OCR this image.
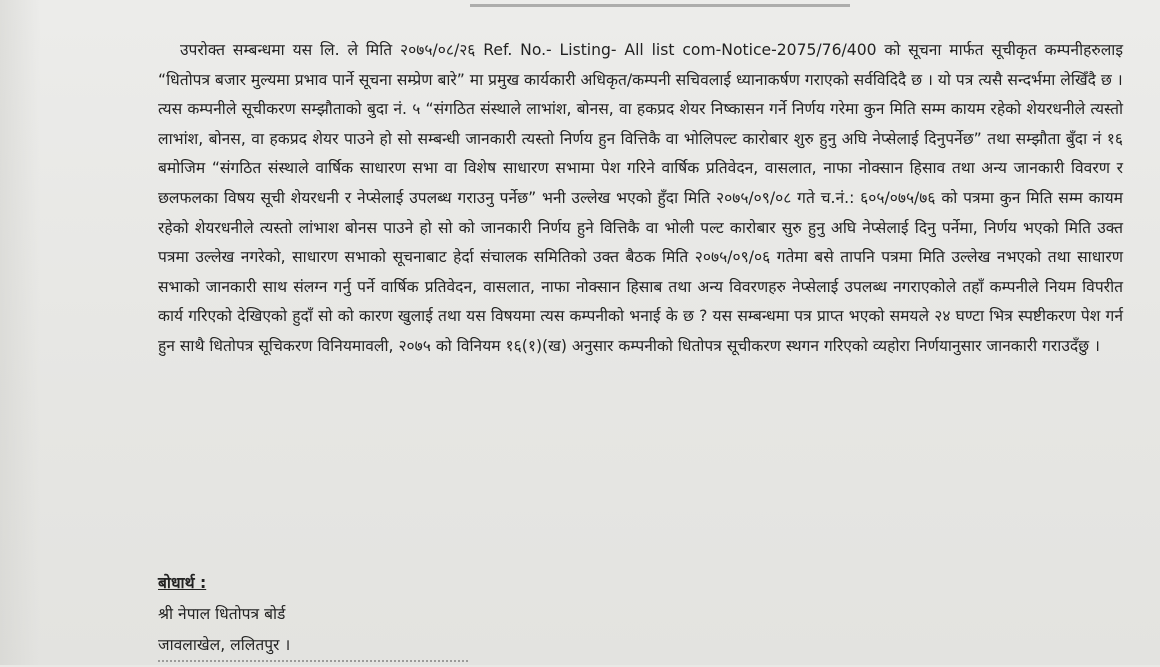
उपरोक्त सम्बन्धमा यस लि. ले मिति २०७५/०८/२६ Ref. No.- Listing- All list com-Notice-2075/76/400 को सूचना मार्फत सूचीकृत कम्पनीहरुलाइ “धितोपत्र बजार मुल्यमा प्रभाव पार्ने सूचना सम्प्रेण बारे” मा प्रमुख कार्यकारी अधिकृत/कम्पनी सचिवलाई ध्यानाकर्षण गराएको सर्वविदिदै छ । यो पत्र त्यसै सन्दर्भमा लेखिँदै छ ।

त्यस कम्पनीले सूचीकरण सम्झौताको बुदा नं. ५ “संगठित संस्थाले लाभांश, बोनस, वा हकप्रद शेयर निष्कासन गर्ने निर्णय गरेमा कुन मिति सम्म कायम रहेको शेयरधनीले त्यस्तो लाभांश, बोनस, वा हकप्रद शेयर पाउने हो सो सम्बन्धी जानकारी त्यस्तो निर्णय हुन वित्तिकै वा भोलिपल्ट कारोबार शुरु हुनु अघि नेप्सेलाई दिनुपर्नेछ” तथा सम्झौता बुँदा नं १६ बमोजिम “संगठित संस्थाले वार्षिक साधारण सभा वा विशेष साधारण सभामा पेश गरिने वार्षिक प्रतिवेदन, वासलात, नाफा नोक्सान हिसाव तथा अन्य जानकारी विवरण र छलफलका विषय सूची शेयरधनी र नेप्सेलाई उपलब्ध गराउनु पर्नेछ” भनी उल्लेख भएको हुँदा मिति २०७५/०९/०८ गते च.नं.: ६०५/०७५/७६ को पत्रमा कुन मिति सम्म कायम रहेको शेयरधनीले त्यस्तो लांभाश बोनस पाउने हो सो को जानकारी निर्णय हुने वित्तिकै वा भोली पल्ट कारोबार सुरु हुनु अघि नेप्सेलाई दिनु पर्नेमा, निर्णय भएको मिति उक्त पत्रमा उल्लेख नगरेको, साधारण सभाको सूचनाबाट हेर्दा संचालक समितिको उक्त बैठक मिति २०७५/०९/०६ गतेमा बसे तापनि पत्रमा मिति उल्लेख नभएको तथा साधारण सभाको जानकारी साथ संलग्न गर्नु पर्ने वार्षिक प्रतिवेदन, वासलात, नाफा नोक्सान हिसाब तथा अन्य विवरणहरु नेप्सेलाई उपलब्ध नगराएकोले तहाँ कम्पनीले नियम विपरीत कार्य गरिएको देखिएको हुदाँ सो को कारण खुलाई तथा यस विषयमा त्यस कम्पनीको भनाई के छ ? यस सम्बन्धमा पत्र प्राप्त भएको समयले २४ घण्टा भित्र स्पष्टीकरण पेश गर्न हुन साथै धितोपत्र सूचिकरण विनियमावली, २०७५ को विनियम १६(१)(ख) अनुसार कम्पनीको धितोपत्र सूचीकरण स्थगन गरिएको व्यहोरा निर्णयानुसार जानकारी गराउदँछु ।

बोधार्थ :
श्री नेपाल धितोपत्र बोर्ड
जावलाखेल, ललितपुर ।
